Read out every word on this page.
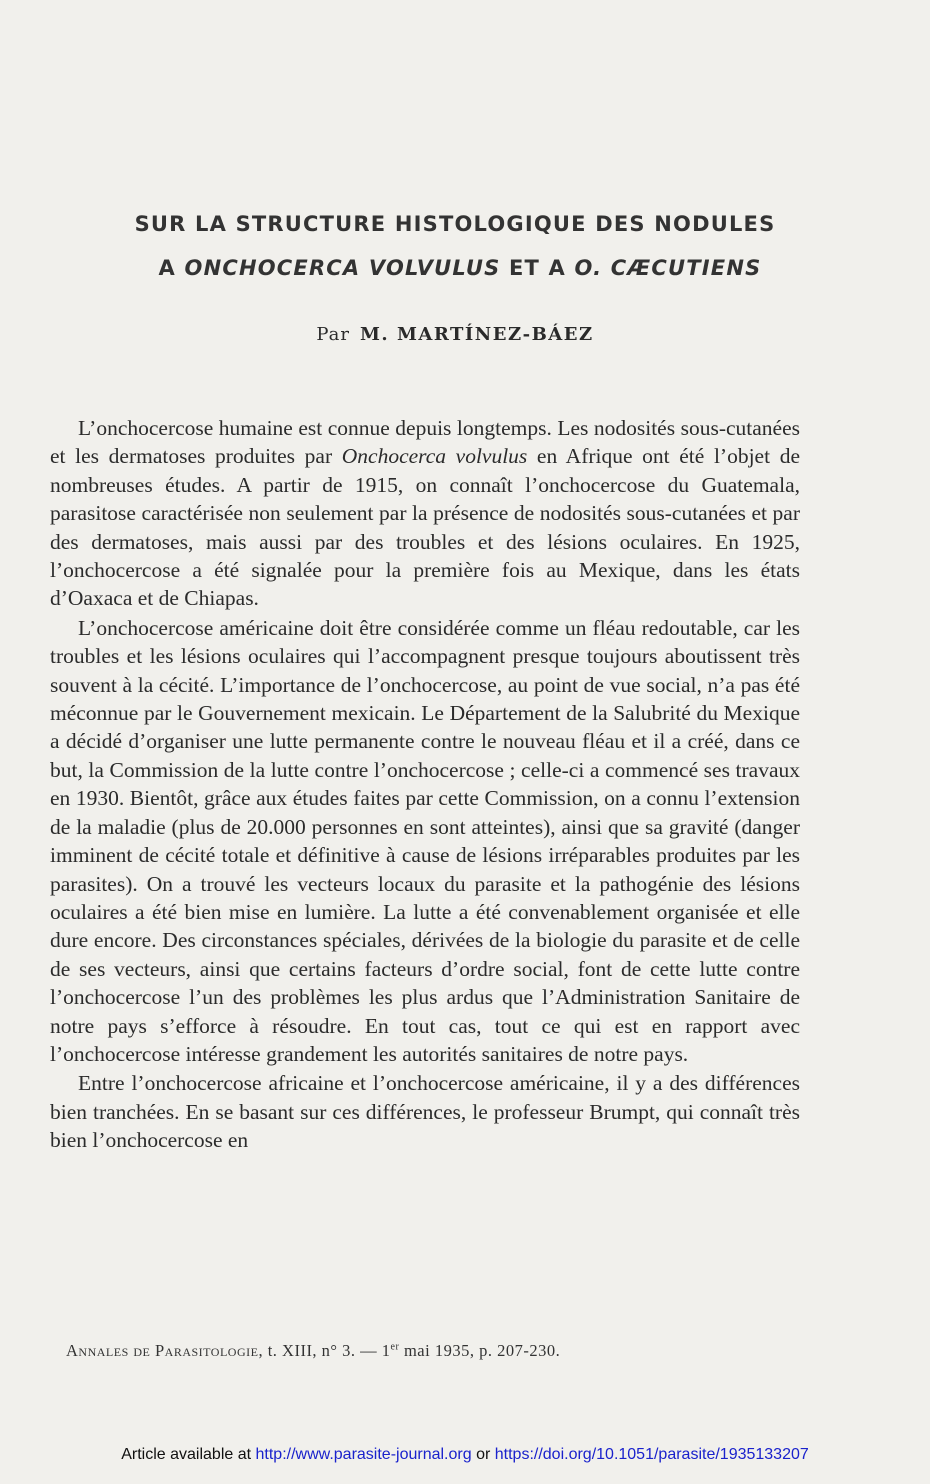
SUR LA STRUCTURE HISTOLOGIQUE DES NODULES
A ONCHOCERCA VOLVULUS ET A O. CÆCUTIENS
Par M. MARTÍNEZ-BÁEZ

L’onchocercose humaine est connue depuis longtemps. Les nodosités sous-cutanées et les dermatoses produites par Onchocerca volvulus en Afrique ont été l’objet de nombreuses études. A partir de 1915, on connaît l’onchocercose du Guatemala, parasitose caractérisée non seulement par la présence de nodosités sous-cutanées et par des dermatoses, mais aussi par des troubles et des lésions oculaires. En 1925, l’onchocercose a été signalée pour la première fois au Mexique, dans les états d’Oaxaca et de Chiapas.

L’onchocercose américaine doit être considérée comme un fléau redoutable, car les troubles et les lésions oculaires qui l’accompagnent presque toujours aboutissent très souvent à la cécité. L’importance de l’onchocercose, au point de vue social, n’a pas été méconnue par le Gouvernement mexicain. Le Département de la Salubrité du Mexique a décidé d’organiser une lutte permanente contre le nouveau fléau et il a créé, dans ce but, la Commission de la lutte contre l’onchocercose ; celle-ci a commencé ses travaux en 1930. Bientôt, grâce aux études faites par cette Commission, on a connu l’extension de la maladie (plus de 20.000 personnes en sont atteintes), ainsi que sa gravité (danger imminent de cécité totale et définitive à cause de lésions irréparables produites par les parasites). On a trouvé les vecteurs locaux du parasite et la pathogénie des lésions oculaires a été bien mise en lumière. La lutte a été convenablement organisée et elle dure encore. Des circonstances spéciales, dérivées de la biologie du parasite et de celle de ses vecteurs, ainsi que certains facteurs d’ordre social, font de cette lutte contre l’onchocercose l’un des problèmes les plus ardus que l’Administration Sanitaire de notre pays s’efforce à résoudre. En tout cas, tout ce qui est en rapport avec l’onchocercose intéresse grandement les autorités sanitaires de notre pays.

Entre l’onchocercose africaine et l’onchocercose américaine, il y a des différences bien tranchées. En se basant sur ces différences, le professeur Brumpt, qui connaît très bien l’onchocercose en

Annales de Parasitologie, t. XIII, n° 3. — 1er mai 1935, p. 207-230.
Article available at http://www.parasite-journal.org or https://doi.org/10.1051/parasite/1935133207
